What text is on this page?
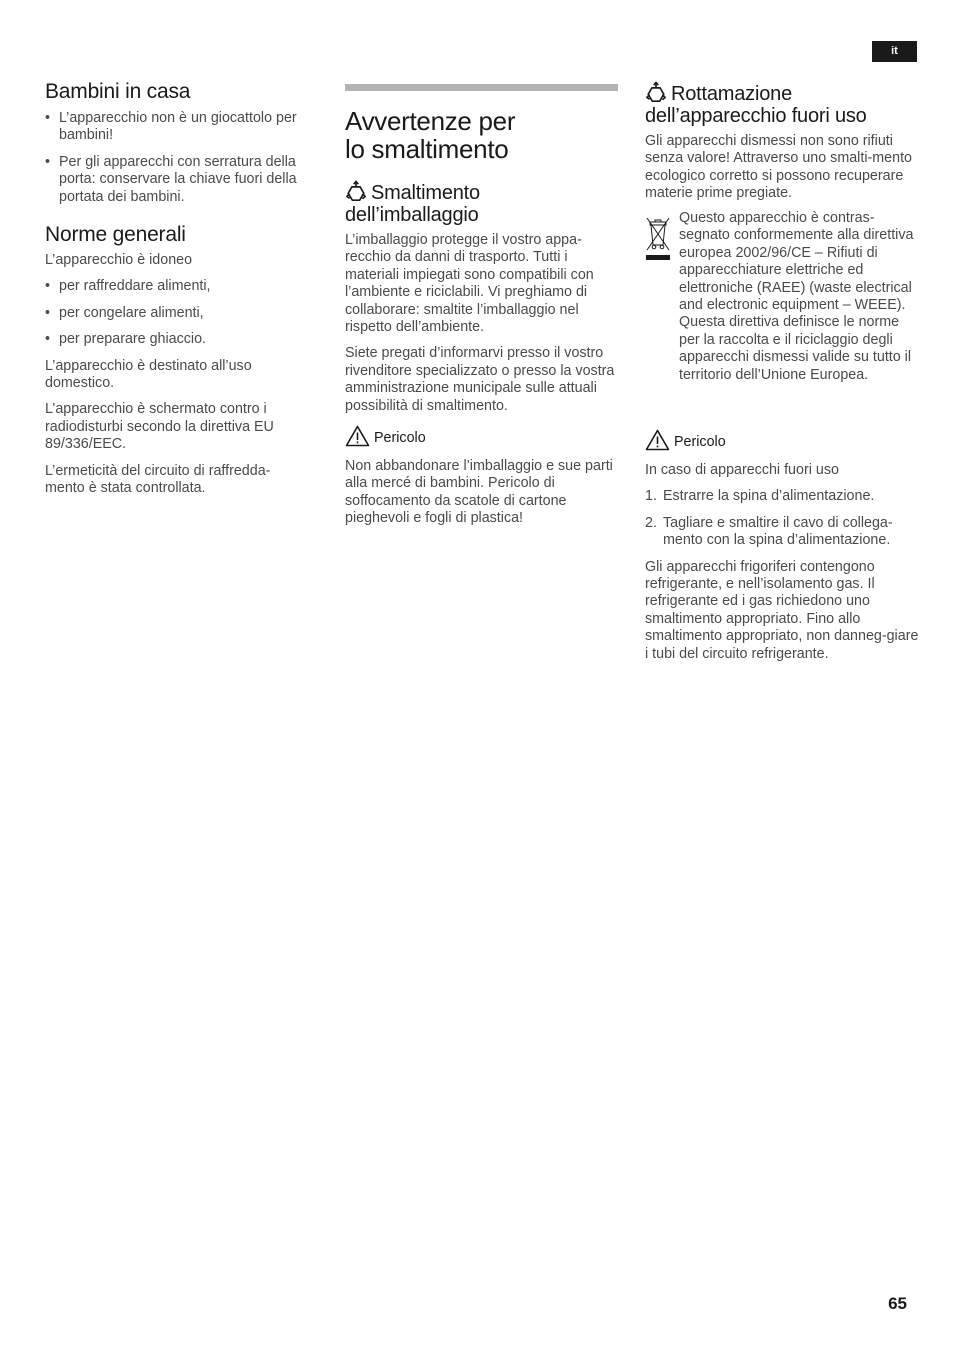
it
Bambini in casa
• L’apparecchio non è un giocattolo per bambini!
• Per gli apparecchi con serratura della porta: conservare la chiave fuori della portata dei bambini.
Norme generali

L’apparecchio è idoneo

• per raffreddare alimenti,
• per congelare alimenti,
• per preparare ghiaccio.

L’apparecchio è destinato all’uso domestico.

L’apparecchio è schermato contro i radiodisturbi secondo la direttiva EU 89/336/EEC.

L’ermeticità del circuito di raffredda-mento è stata controllata.

Avvertenze per
lo smaltimento
Smaltimento
dell’imballaggio

L’imballaggio protegge il vostro appa-recchio da danni di trasporto. Tutti i materiali impiegati sono compatibili con l’ambiente e riciclabili. Vi preghiamo di collaborare: smaltite l’imballaggio nel rispetto dell’ambiente.

Siete pregati d’informarvi presso il vostro rivenditore specializzato o presso la vostra amministrazione municipale sulle attuali possibilità di smaltimento.

Pericolo

Non abbandonare l’imballaggio e sue parti alla mercé di bambini. Pericolo di soffocamento da scatole di cartone pieghevoli e fogli di plastica!

Rottamazione
dell’apparecchio fuori uso

Gli apparecchi dismessi non sono rifiuti senza valore! Attraverso uno smalti-mento ecologico corretto si possono recuperare materie prime pregiate.

Questo apparecchio è contras-segnato conformemente alla direttiva europea 2002/96/CE – Rifiuti di apparecchiature elettriche ed elettroniche (RAEE) (waste electrical and electronic equipment – WEEE). Questa direttiva definisce le norme per la raccolta e il riciclaggio degli apparecchi dismessi valide su tutto il territorio dell’Unione Europea.

Pericolo

In caso di apparecchi fuori uso

1. Estrarre la spina d’alimentazione.
2. Tagliare e smaltire il cavo di collega-mento con la spina d’alimentazione.

Gli apparecchi frigoriferi contengono refrigerante, e nell’isolamento gas. Il refrigerante ed i gas richiedono uno smaltimento appropriato. Fino allo smaltimento appropriato, non danneg-giare i tubi del circuito refrigerante.

65
